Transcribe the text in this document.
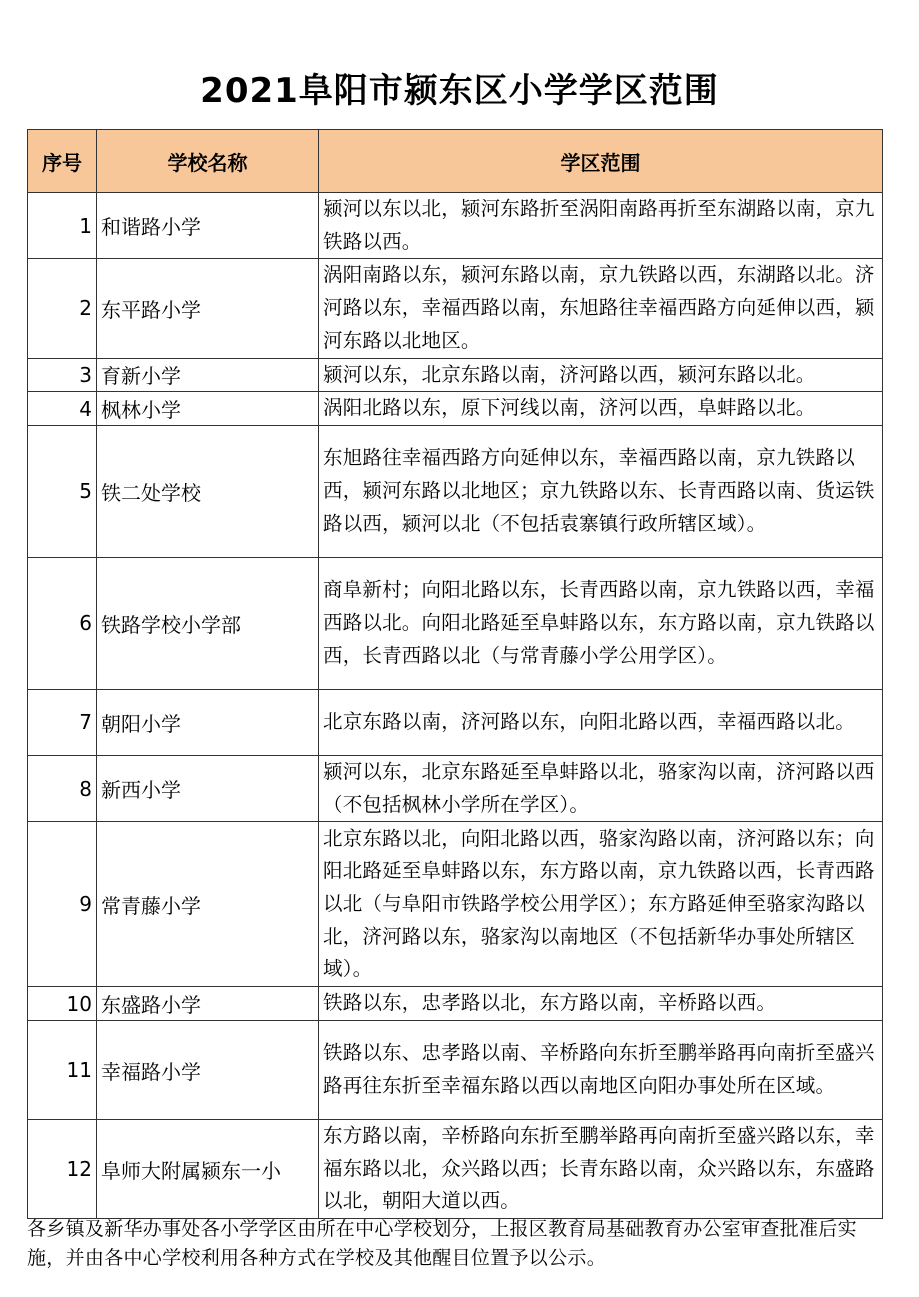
2021阜阳市颍东区小学学区范围
序号	学校名称	学区范围
1	和谐路小学	颍河以东以北，颍河东路折至涡阳南路再折至东湖路以南，京九铁路以西。
2	东平路小学	涡阳南路以东，颍河东路以南，京九铁路以西，东湖路以北。济河路以东，幸福西路以南，东旭路往幸福西路方向延伸以西，颍河东路以北地区。
3	育新小学	颍河以东，北京东路以南，济河路以西，颍河东路以北。
4	枫林小学	涡阳北路以东，原下河线以南，济河以西，阜蚌路以北。
5	铁二处学校	东旭路往幸福西路方向延伸以东，幸福西路以南，京九铁路以西，颍河东路以北地区；京九铁路以东、长青西路以南、货运铁路以西，颍河以北（不包括袁寨镇行政所辖区域）。
6	铁路学校小学部	商阜新村；向阳北路以东，长青西路以南，京九铁路以西，幸福西路以北。向阳北路延至阜蚌路以东，东方路以南，京九铁路以西，长青西路以北（与常青藤小学公用学区）。
7	朝阳小学	北京东路以南，济河路以东，向阳北路以西，幸福西路以北。
8	新西小学	颍河以东，北京东路延至阜蚌路以北，骆家沟以南，济河路以西（不包括枫林小学所在学区）。
9	常青藤小学	北京东路以北，向阳北路以西，骆家沟路以南，济河路以东；向阳北路延至阜蚌路以东，东方路以南，京九铁路以西，长青西路以北（与阜阳市铁路学校公用学区）；东方路延伸至骆家沟路以北，济河路以东，骆家沟以南地区（不包括新华办事处所辖区域）。
10	东盛路小学	铁路以东，忠孝路以北，东方路以南，辛桥路以西。
11	幸福路小学	铁路以东、忠孝路以南、辛桥路向东折至鹏举路再向南折至盛兴路再往东折至幸福东路以西以南地区向阳办事处所在区域。
12	阜师大附属颍东一小	东方路以南，辛桥路向东折至鹏举路再向南折至盛兴路以东，幸福东路以北，众兴路以西；长青东路以南，众兴路以东，东盛路以北，朝阳大道以西。
各乡镇及新华办事处各小学学区由所在中心学校划分，上报区教育局基础教育办公室审查批准后实施，并由各中心学校利用各种方式在学校及其他醒目位置予以公示。
